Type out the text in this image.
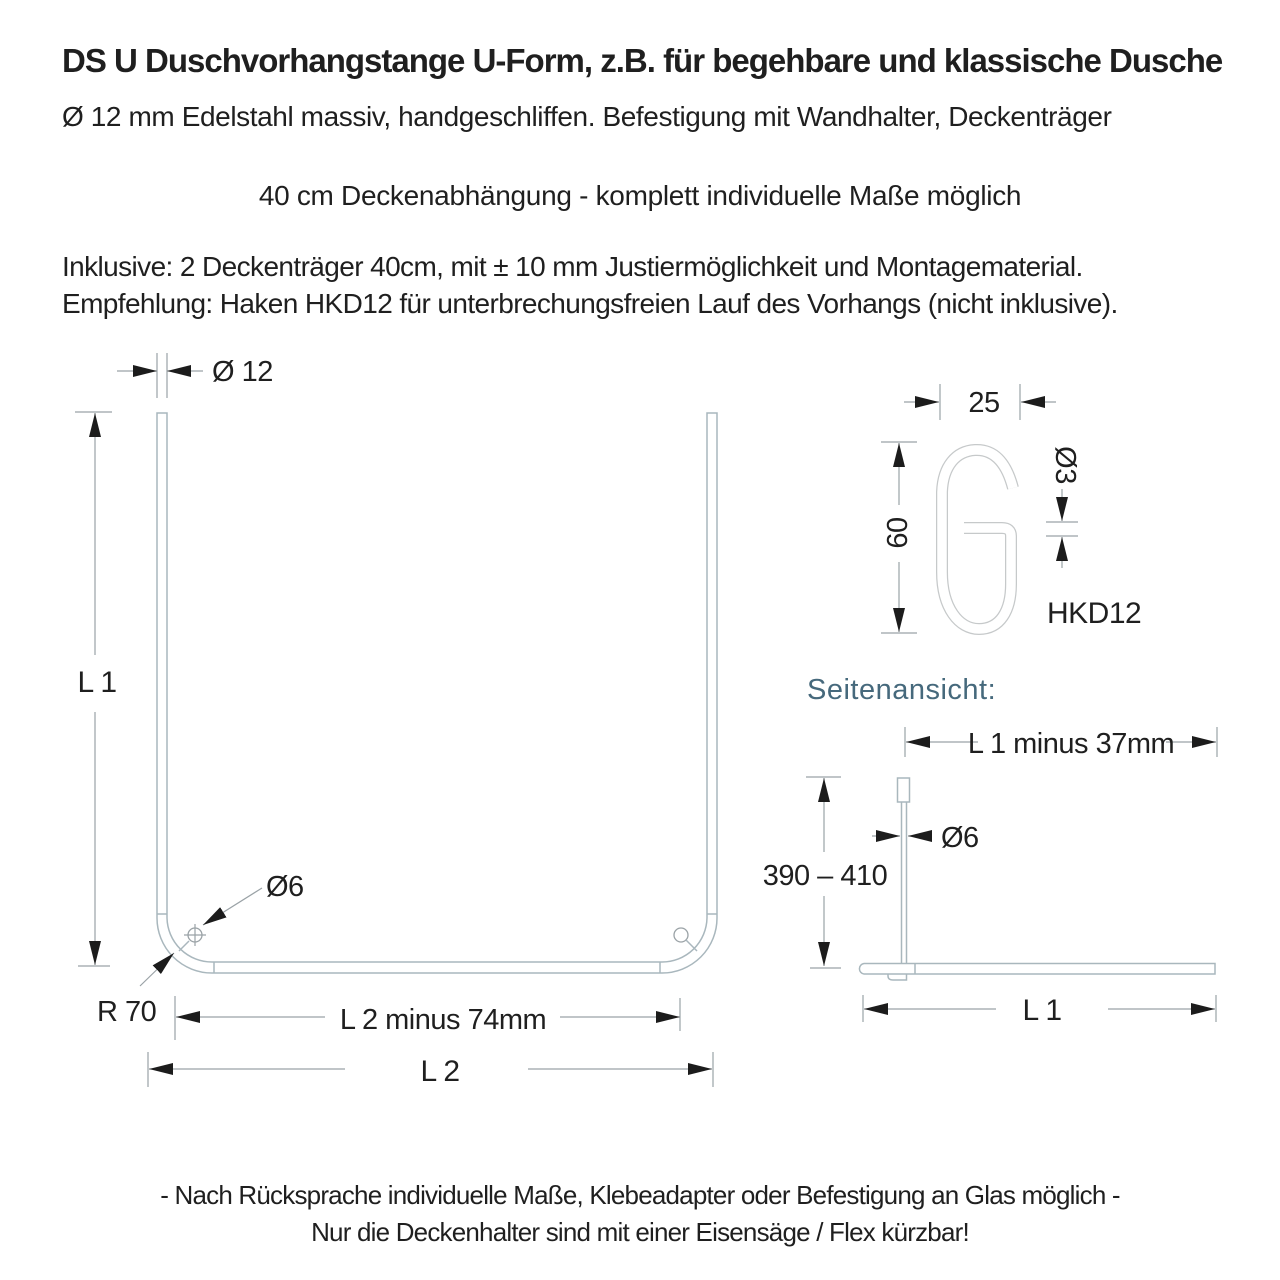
DS U Duschvorhangstange U-Form, z.B. für begehbare und klassische Dusche
Ø 12 mm Edelstahl massiv, handgeschliffen. Befestigung mit Wandhalter, Deckenträger
40 cm Deckenabhängung - komplett individuelle Maße möglich
Inklusive: 2 Deckenträger 40cm, mit ± 10 mm Justiermöglichkeit und Montagematerial.
Empfehlung: Haken HKD12 für unterbrechungsfreien Lauf des Vorhangs (nicht inklusive).
Ø 12
L 1
Ø6
R 70	L 2 minus 74mm
L 2
25
60
Ø3
HKD12
Seitenansicht:
L 1 minus 37mm
Ø6
390 – 410
L 1
- Nach Rücksprache individuelle Maße, Klebeadapter oder Befestigung an Glas möglich -
Nur die Deckenhalter sind mit einer Eisensäge / Flex kürzbar!
